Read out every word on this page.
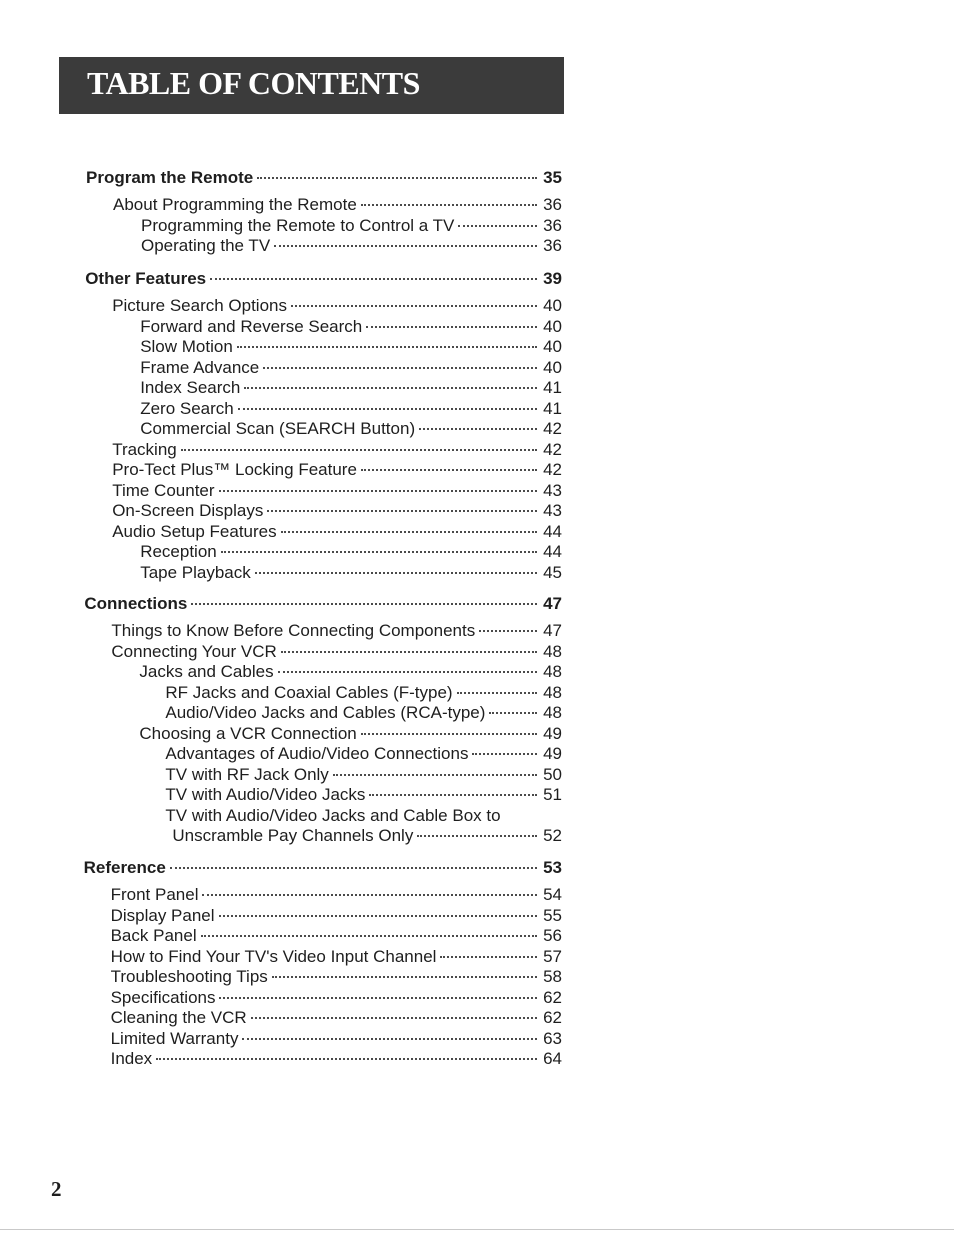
TABLE OF CONTENTS
Program the Remote	35
About Programming the Remote	36
Programming the Remote to Control a TV	36
Operating the TV	36
Other Features	39
Picture Search Options	40
Forward and Reverse Search	40
Slow Motion	40
Frame Advance	40
Index Search	41
Zero Search	41
Commercial Scan (SEARCH Button)	42
Tracking	42
Pro-Tect Plus™ Locking Feature	42
Time Counter	43
On-Screen Displays	43
Audio Setup Features	44
Reception	44
Tape Playback	45
Connections	47
Things to Know Before Connecting Components	47
Connecting Your VCR	48
Jacks and Cables	48
RF Jacks and Coaxial Cables (F-type)	48
Audio/Video Jacks and Cables (RCA-type)	48
Choosing a VCR Connection	49
Advantages of Audio/Video Connections	49
TV with RF Jack Only	50
TV with Audio/Video Jacks	51
TV with Audio/Video Jacks and Cable Box to
Unscramble Pay Channels Only	52
Reference	53
Front Panel	54
Display Panel	55
Back Panel	56
How to Find Your TV's Video Input Channel	57
Troubleshooting Tips	58
Specifications	62
Cleaning the VCR	62
Limited Warranty	63
Index	64
2
